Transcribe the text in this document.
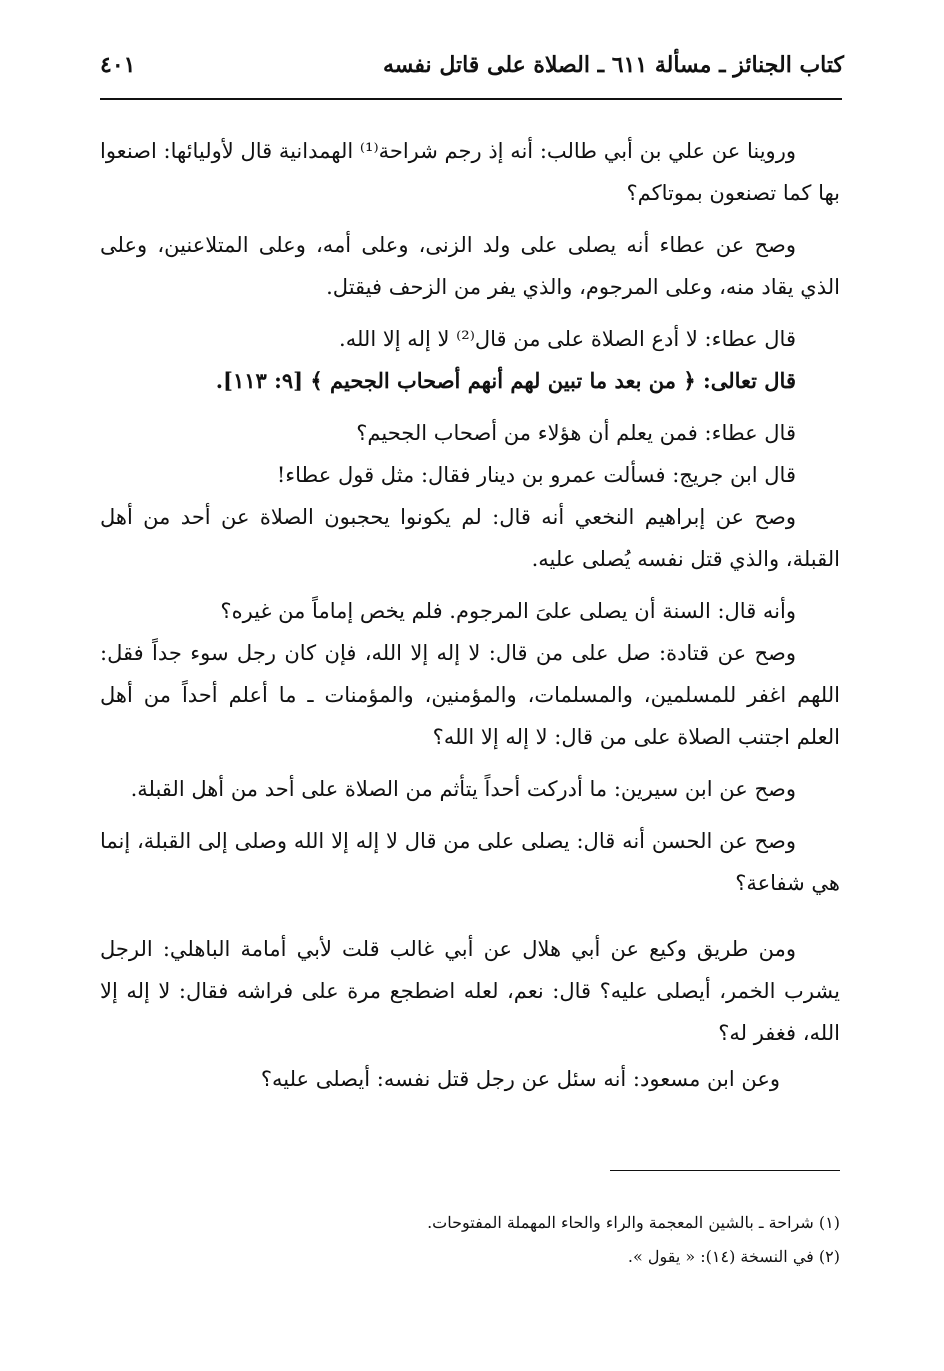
كتاب الجنائز ـ مسألة ٦١١ ـ الصلاة على قاتل نفسه
٤٠١

وروينا عن علي بن أبي طالب: أنه إذ رجم شراحة⁽¹⁾ الهمدانية قال لأوليائها: اصنعوا بها كما تصنعون بموتاكم؟

وصح عن عطاء أنه يصلى على ولد الزنى، وعلى أمه، وعلى المتلاعنين، وعلى الذي يقاد منه، وعلى المرجوم، والذي يفر من الزحف فيقتل.

قال عطاء: لا أدع الصلاة على من قال⁽²⁾ لا إله إلا الله.

قال تعالى: ﴿ من بعد ما تبين لهم أنهم أصحاب الجحيم ﴾ [٩: ١١٣].

قال عطاء: فمن يعلم أن هؤلاء من أصحاب الجحيم؟

قال ابن جريج: فسألت عمرو بن دينار فقال: مثل قول عطاء!

وصح عن إبراهيم النخعي أنه قال: لم يكونوا يحجبون الصلاة عن أحد من أهل القبلة، والذي قتل نفسه يُصلى عليه.

وأنه قال: السنة أن يصلى علىَ المرجوم. فلم يخص إماماً من غيره؟

وصح عن قتادة: صل على من قال: لا إله إلا الله، فإن كان رجل سوء جداً فقل: اللهم اغفر للمسلمين، والمسلمات، والمؤمنين، والمؤمنات ـ ما أعلم أحداً من أهل العلم اجتنب الصلاة على من قال: لا إله إلا الله؟

وصح عن ابن سيرين: ما أدركت أحداً يتأثم من الصلاة على أحد من أهل القبلة.

وصح عن الحسن أنه قال: يصلى على من قال لا إله إلا الله وصلى إلى القبلة، إنما هي شفاعة؟

ومن طريق وكيع عن أبي هلال عن أبي غالب قلت لأبي أمامة الباهلي: الرجل يشرب الخمر، أيصلى عليه؟ قال: نعم، لعله اضطجع مرة على فراشه فقال: لا إله إلا الله، فغفر له؟

وعن ابن مسعود: أنه سئل عن رجل قتل نفسه: أيصلى عليه؟

(١) شراحة ـ بالشين المعجمة والراء والحاء المهملة المفتوحات.

(٢) في النسخة (١٤): « يقول ».
